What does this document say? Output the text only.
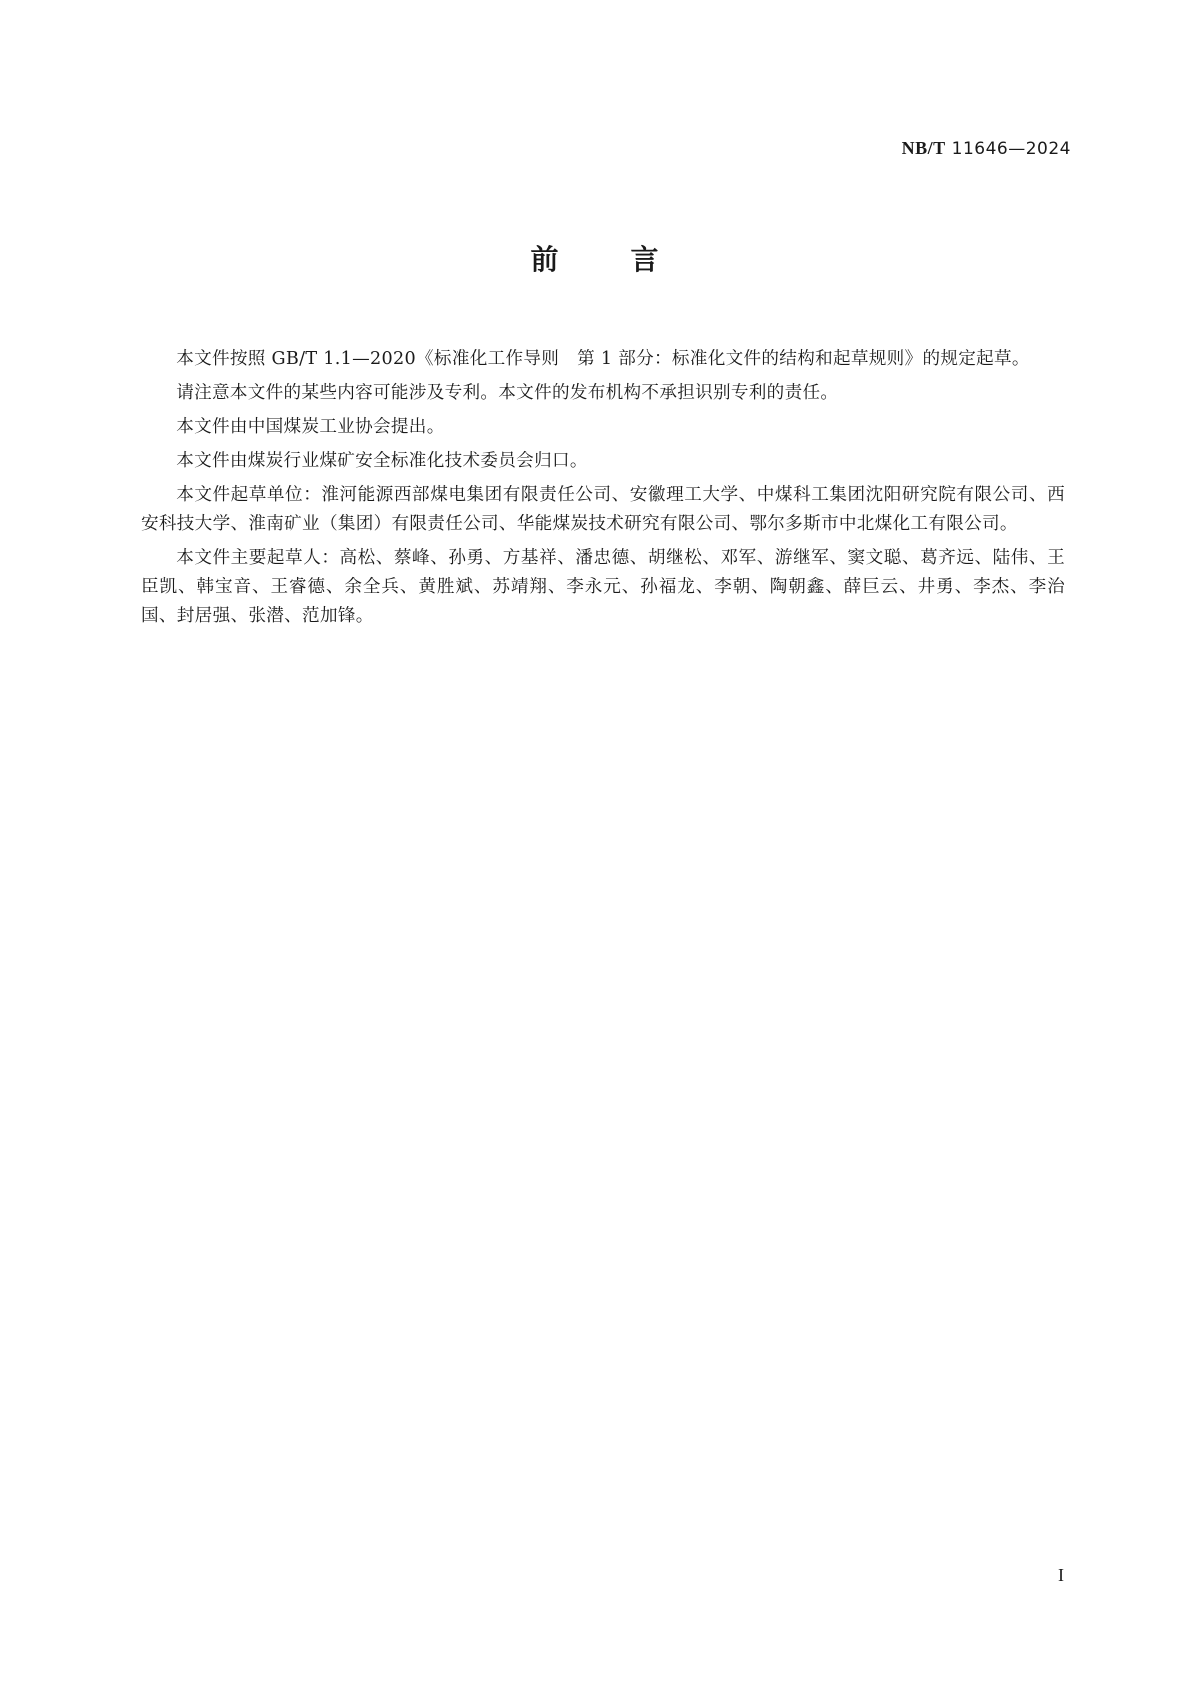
NB/T 11646—2024
前	言

本文件按照 GB/T 1.1—2020《标准化工作导则　第 1 部分：标准化文件的结构和起草规则》的规定起草。

请注意本文件的某些内容可能涉及专利。本文件的发布机构不承担识别专利的责任。

本文件由中国煤炭工业协会提出。

本文件由煤炭行业煤矿安全标准化技术委员会归口。

本文件起草单位：淮河能源西部煤电集团有限责任公司、安徽理工大学、中煤科工集团沈阳研究院有限公司、西安科技大学、淮南矿业（集团）有限责任公司、华能煤炭技术研究有限公司、鄂尔多斯市中北煤化工有限公司。

本文件主要起草人：高松、蔡峰、孙勇、方基祥、潘忠德、胡继松、邓军、游继军、窦文聪、葛齐远、陆伟、王臣凯、韩宝音、王睿德、余全兵、黄胜斌、苏靖翔、李永元、孙福龙、李朝、陶朝鑫、薛巨云、井勇、李杰、李治国、封居强、张潜、范加锋。

I
